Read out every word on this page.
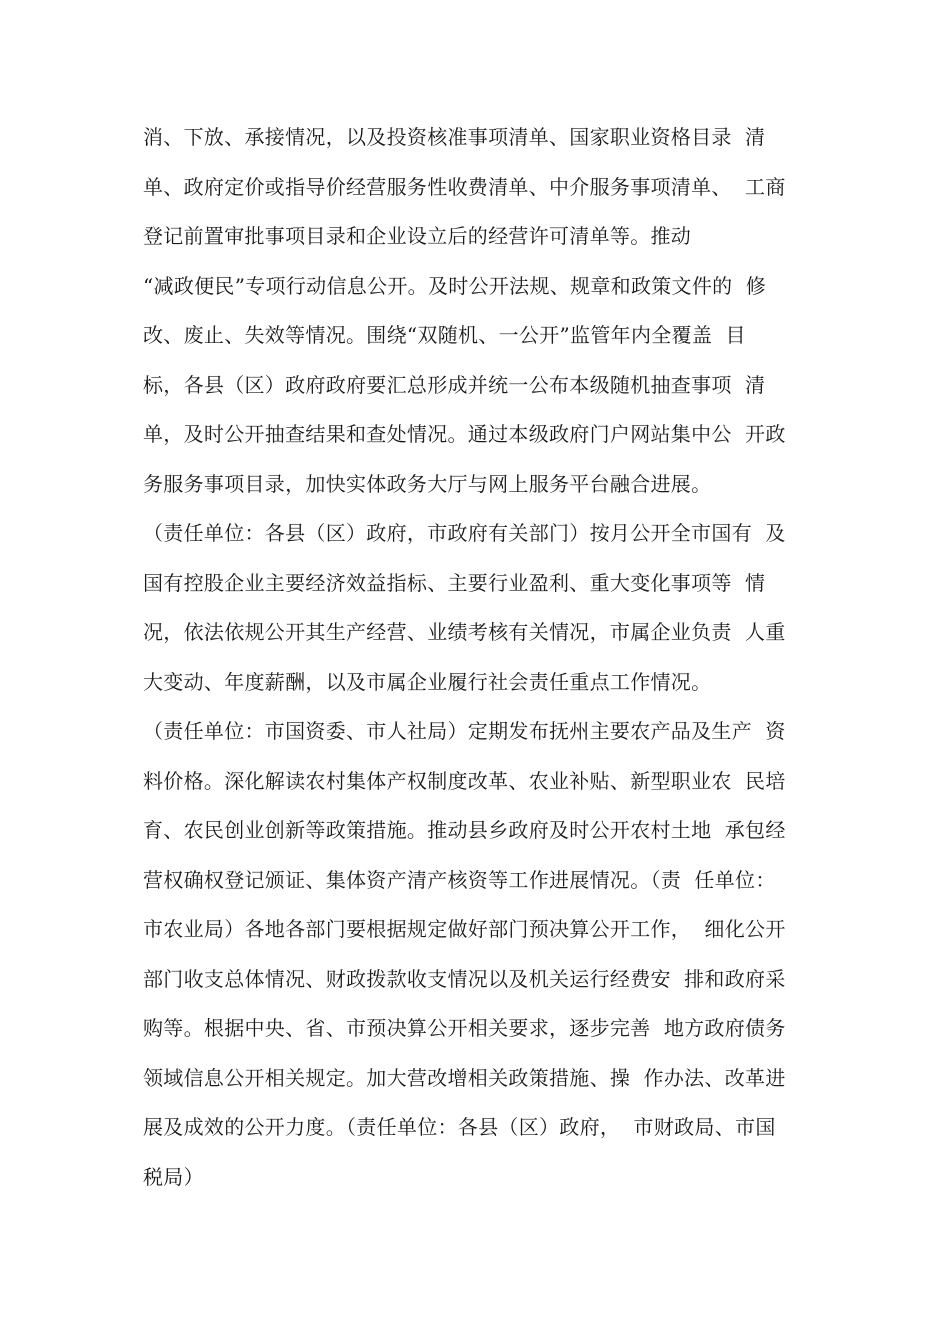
消、下放、承接情况，以及投资核准事项清单、国家职业资格目录  清
单、政府定价或指导价经营服务性收费清单、中介服务事项清单、  工商
登记前置审批事项目录和企业设立后的经营许可清单等。推动
“减政便民”专项行动信息公开。及时公开法规、规章和政策文件的  修
改、废止、失效等情况。围绕“双随机、一公开”监管年内全覆盖  目
标，各县（区）政府政府要汇总形成并统一公布本级随机抽查事项  清
单，及时公开抽查结果和查处情况。通过本级政府门户网站集中公  开政
务服务事项目录，加快实体政务大厅与网上服务平台融合进展。
（责任单位：各县（区）政府，市政府有关部门）按月公开全市国有  及
国有控股企业主要经济效益指标、主要行业盈利、重大变化事项等  情
况，依法依规公开其生产经营、业绩考核有关情况，市属企业负责  人重
大变动、年度薪酬，以及市属企业履行社会责任重点工作情况。
（责任单位：市国资委、市人社局）定期发布抚州主要农产品及生产  资
料价格。深化解读农村集体产权制度改革、农业补贴、新型职业农  民培
育、农民创业创新等政策措施。推动县乡政府及时公开农村土地  承包经
营权确权登记颁证、集体资产清产核资等工作进展情况。（责  任单位：
市农业局）各地各部门要根据规定做好部门预决算公开工作，  细化公开
部门收支总体情况、财政拨款收支情况以及机关运行经费安  排和政府采
购等。根据中央、省、市预决算公开相关要求，逐步完善  地方政府债务
领域信息公开相关规定。加大营改增相关政策措施、操  作办法、改革进
展及成效的公开力度。（责任单位：各县（区）政府，  市财政局、市国
税局）
